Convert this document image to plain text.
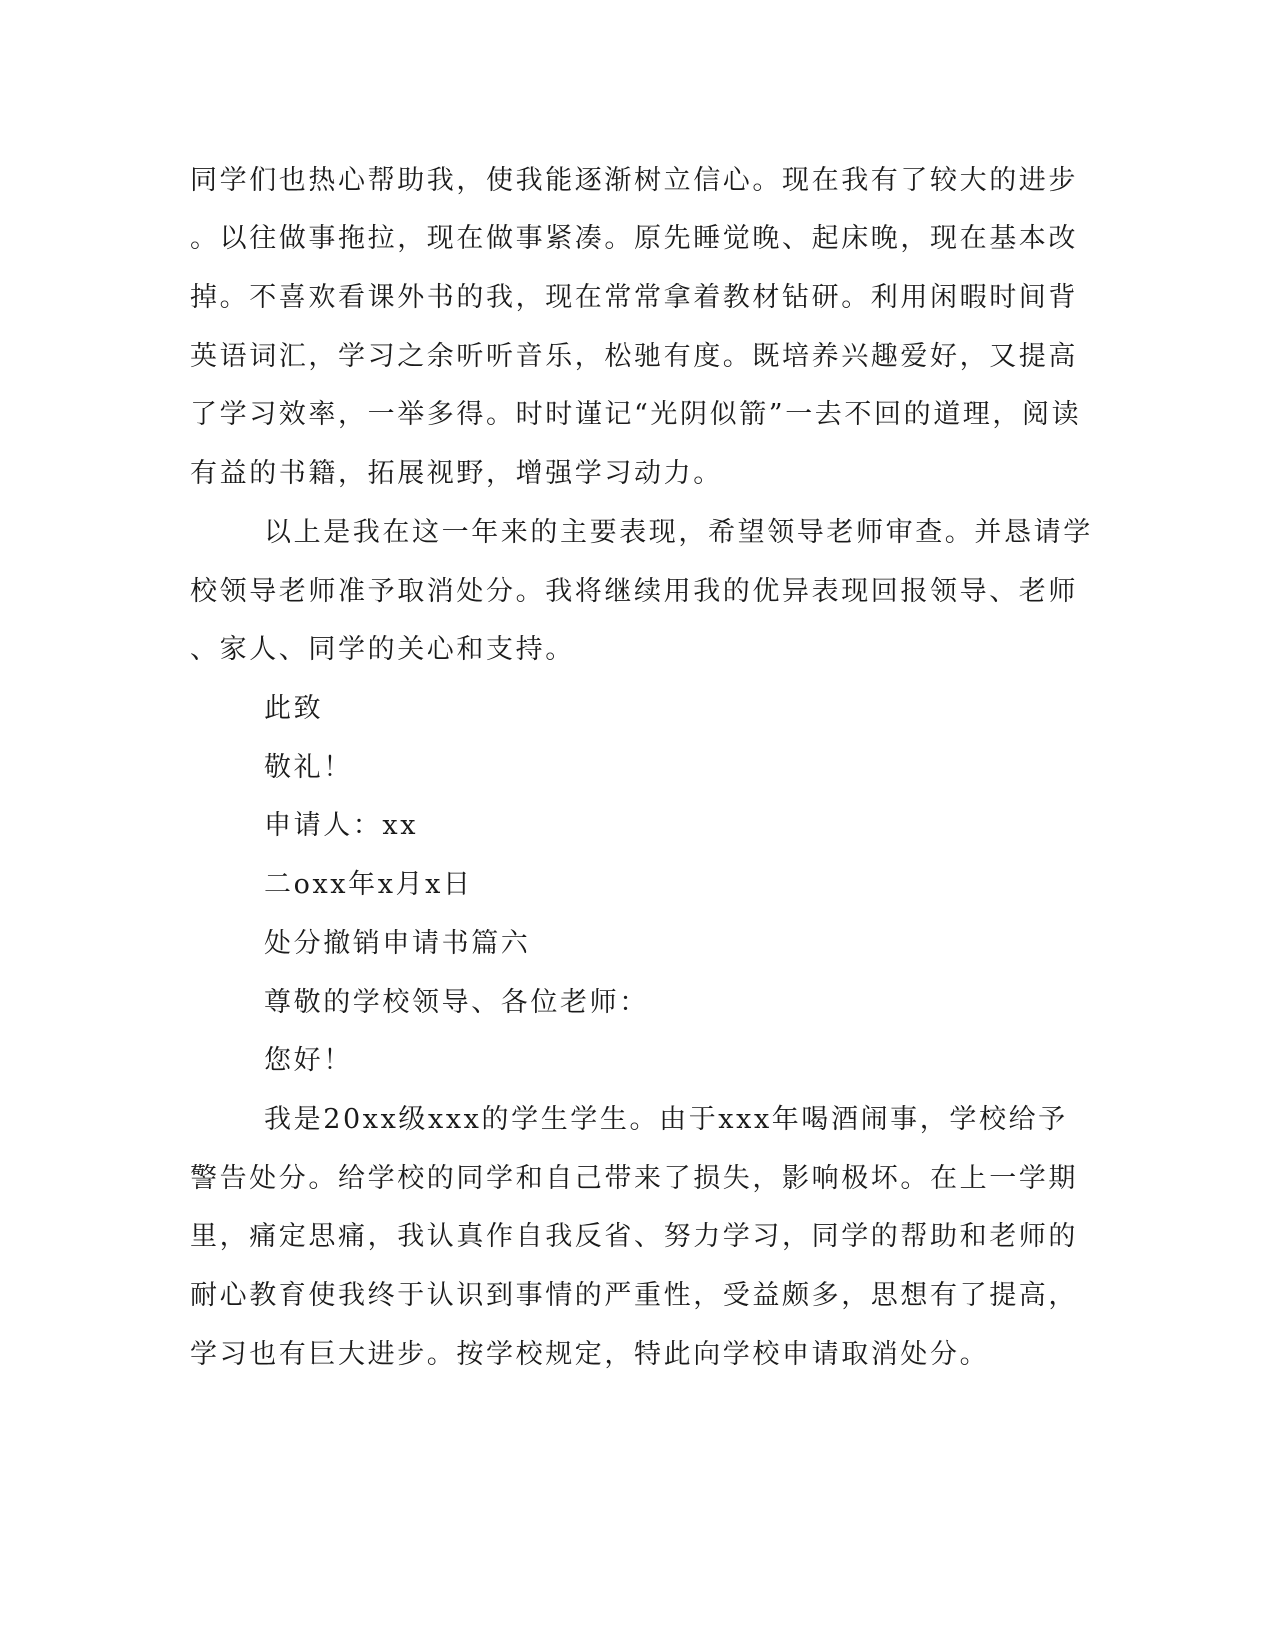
同学们也热心帮助我，使我能逐渐树立信心。现在我有了较大的进步
。以往做事拖拉，现在做事紧凑。原先睡觉晚、起床晚，现在基本改
掉。不喜欢看课外书的我，现在常常拿着教材钻研。利用闲暇时间背
英语词汇，学习之余听听音乐，松驰有度。既培养兴趣爱好，又提高
了学习效率，一举多得。时时谨记“光阴似箭”一去不回的道理，阅读
有益的书籍，拓展视野，增强学习动力。
以上是我在这一年来的主要表现，希望领导老师审查。并恳请学
校领导老师准予取消处分。我将继续用我的优异表现回报领导、老师
、家人、同学的关心和支持。
此致
敬礼！
申请人：xx
二oxx年x月x日
处分撤销申请书篇六
尊敬的学校领导、各位老师：
您好！
我是20xx级xxx的学生学生。由于xxx年喝酒闹事，学校给予
警告处分。给学校的同学和自己带来了损失，影响极坏。在上一学期
里，痛定思痛，我认真作自我反省、努力学习，同学的帮助和老师的
耐心教育使我终于认识到事情的严重性，受益颇多，思想有了提高，
学习也有巨大进步。按学校规定，特此向学校申请取消处分。
